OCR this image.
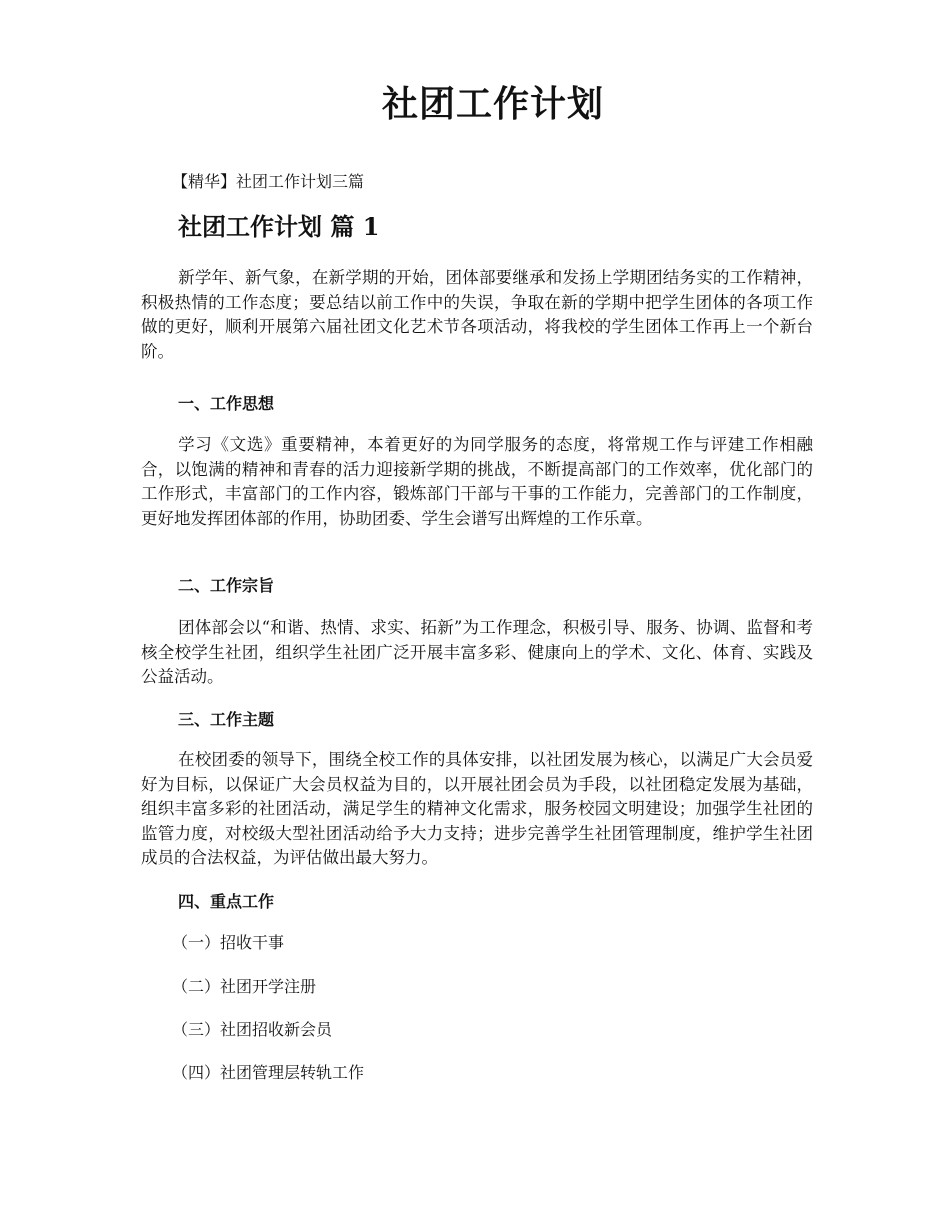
社团工作计划

【精华】社团工作计划三篇

社团工作计划 篇 1

新学年、新气象，在新学期的开始，团体部要继承和发扬上学期团结务实的工作精神，积极热情的工作态度；要总结以前工作中的失误，争取在新的学期中把学生团体的各项工作做的更好，顺利开展第六届社团文化艺术节各项活动，将我校的学生团体工作再上一个新台阶。

一、工作思想

学习《文选》重要精神，本着更好的为同学服务的态度，将常规工作与评建工作相融合，以饱满的精神和青春的活力迎接新学期的挑战，不断提高部门的工作效率，优化部门的工作形式，丰富部门的工作内容，锻炼部门干部与干事的工作能力，完善部门的工作制度，更好地发挥团体部的作用，协助团委、学生会谱写出辉煌的工作乐章。

二、工作宗旨

团体部会以“和谐、热情、求实、拓新”为工作理念，积极引导、服务、协调、监督和考核全校学生社团，组织学生社团广泛开展丰富多彩、健康向上的学术、文化、体育、实践及公益活动。

三、工作主题

在校团委的领导下，围绕全校工作的具体安排，以社团发展为核心，以满足广大会员爱好为目标，以保证广大会员权益为目的，以开展社团会员为手段，以社团稳定发展为基础，组织丰富多彩的社团活动，满足学生的精神文化需求，服务校园文明建设；加强学生社团的监管力度，对校级大型社团活动给予大力支持；进步完善学生社团管理制度，维护学生社团成员的合法权益，为评估做出最大努力。

四、重点工作

（一）招收干事

（二）社团开学注册

（三）社团招收新会员

（四）社团管理层转轨工作
